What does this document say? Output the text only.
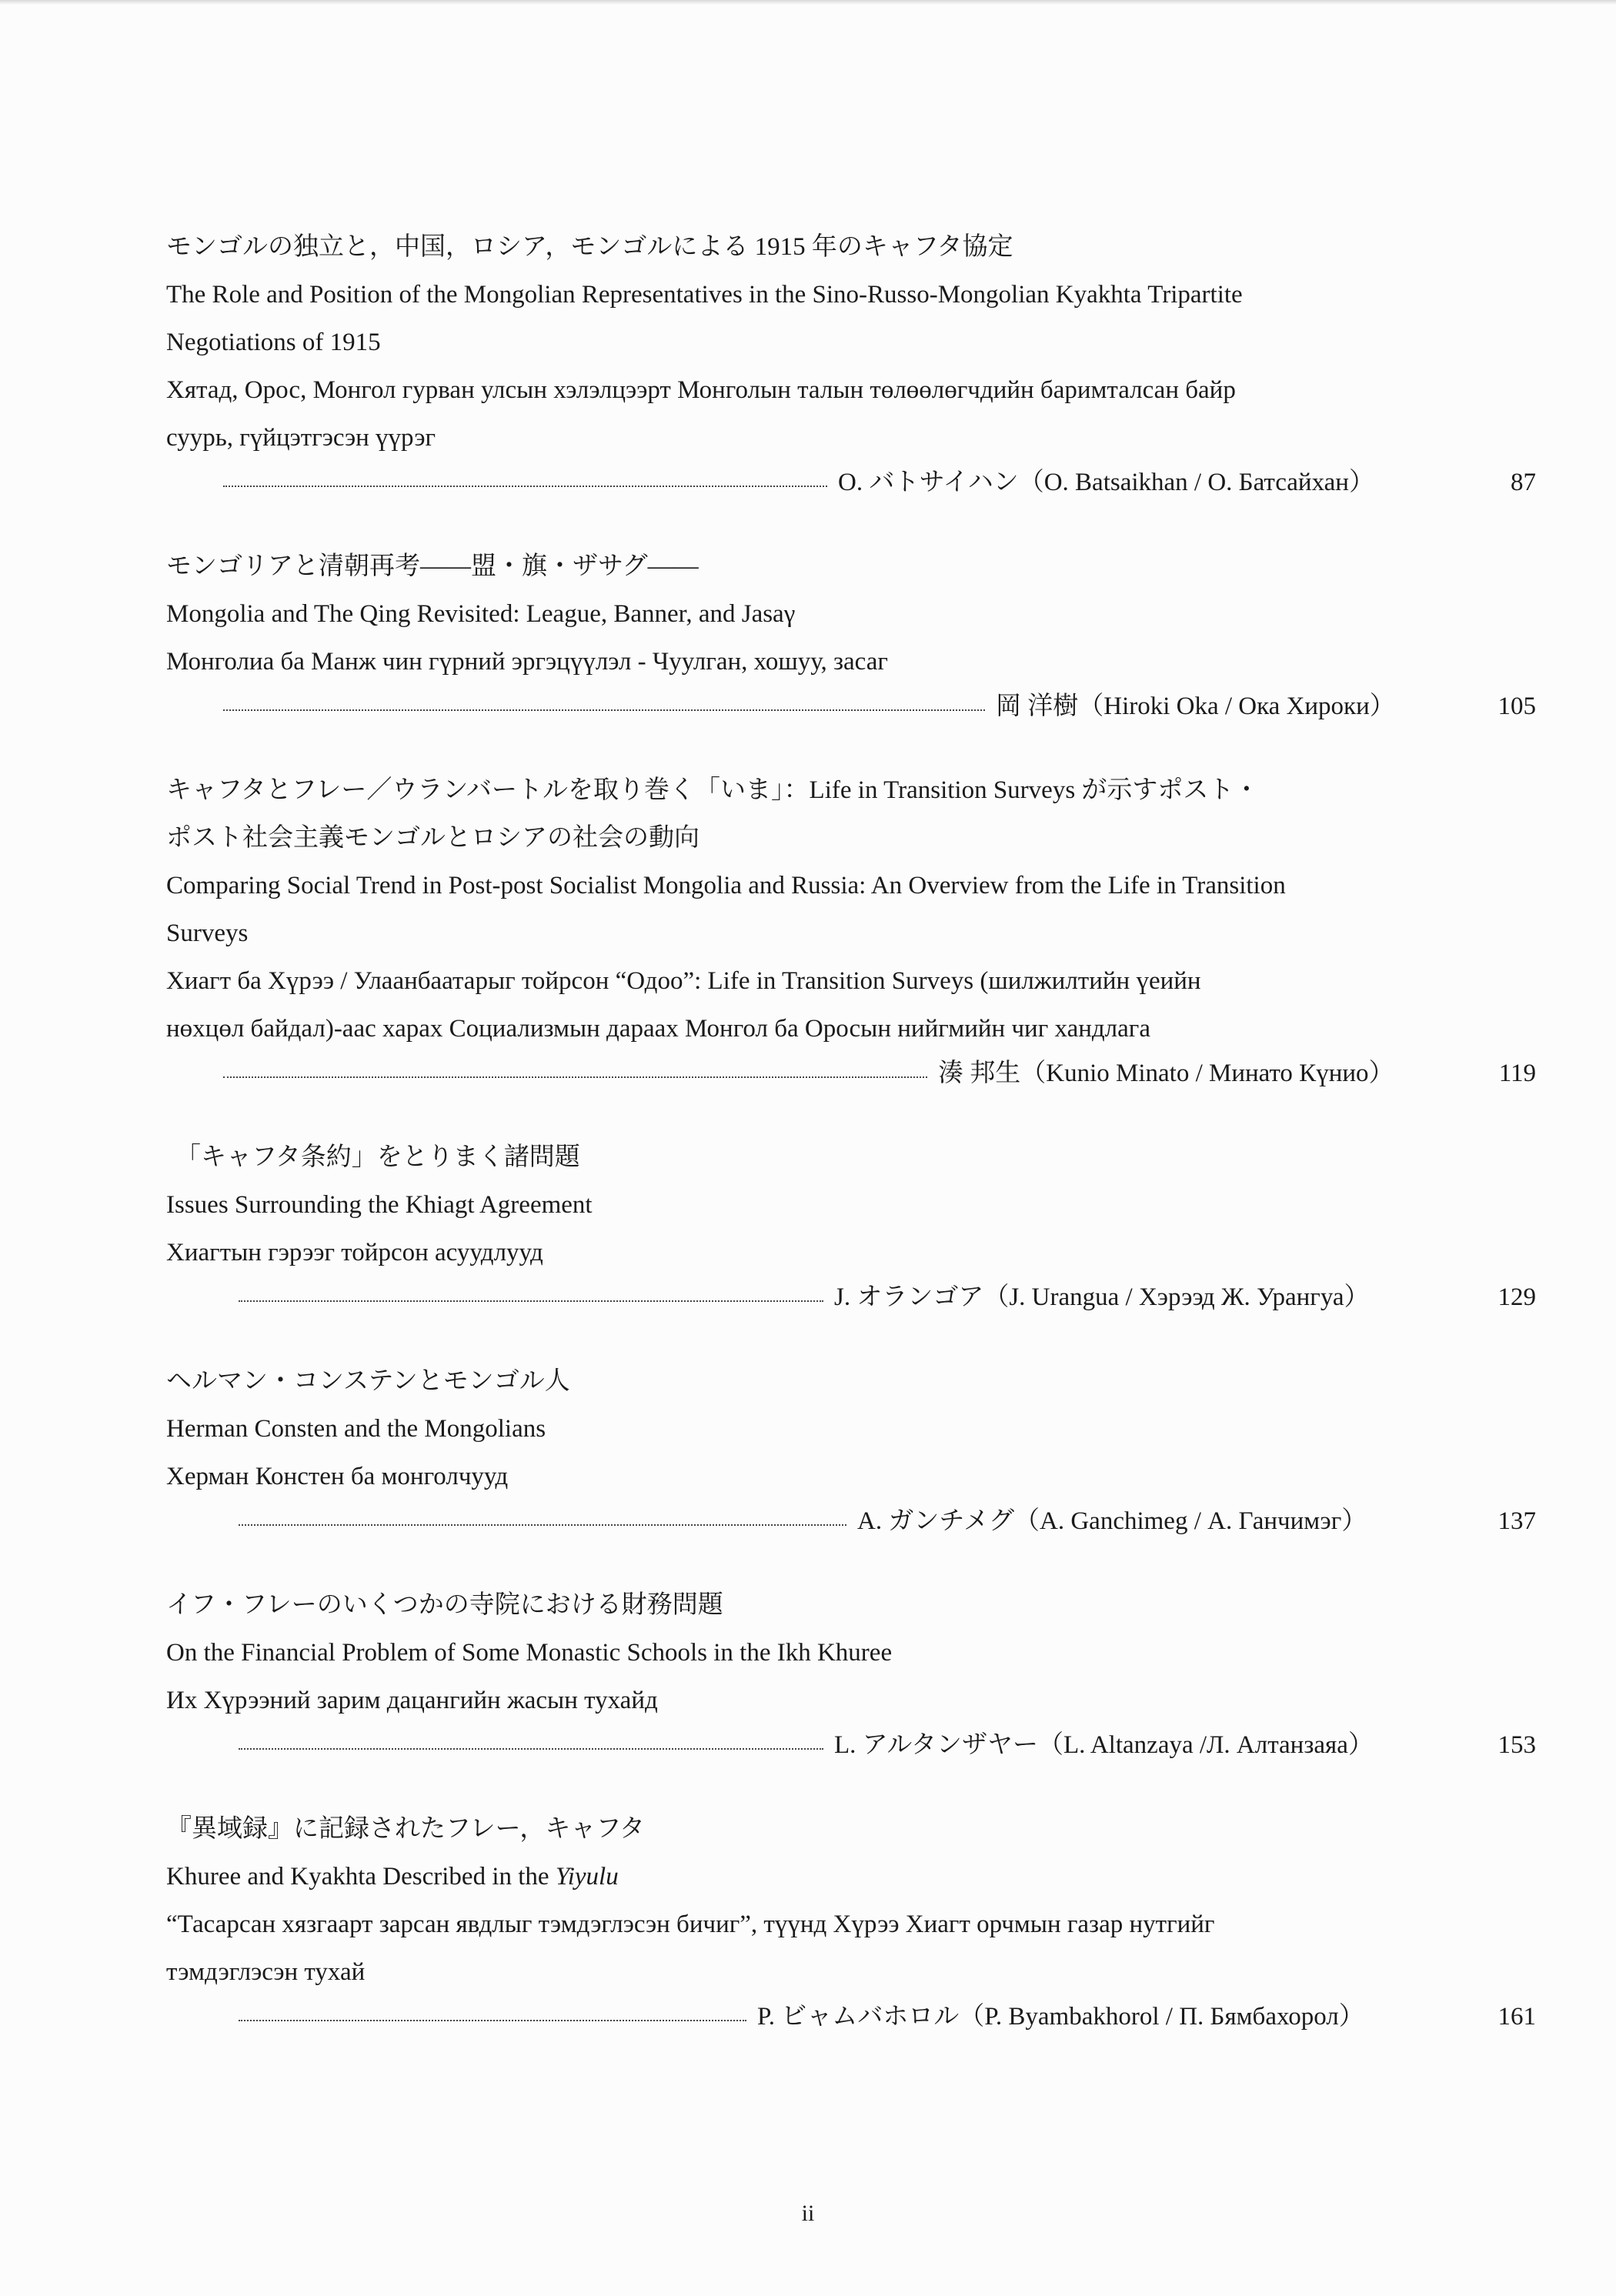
モンゴルの独立と，中国，ロシア，モンゴルによる 1915 年のキャフタ協定
The Role and Position of the Mongolian Representatives in the Sino-Russo-Mongolian Kyakhta Tripartite
Negotiations of 1915
Хятад, Орос, Монгол гурван улсын хэлэлцээрт Монголын талын төлөөлөгчдийн баримталсан байр
суурь, гүйцэтгэсэн үүрэг
O. バトサイハン（O. Batsaikhan / О. Батсайхан）	87
モンゴリアと清朝再考――盟・旗・ザサグ――
Mongolia and The Qing Revisited: League, Banner, and Jasaγ
Монголиа ба Манж чин гүрний эргэцүүлэл - Чуулган, хошуу, засаг
岡 洋樹（Hiroki Oka / Ока Хироки）	105
キャフタとフレー／ウランバートルを取り巻く「いま」：Life in Transition Surveys が示すポスト・
ポスト社会主義モンゴルとロシアの社会の動向
Comparing Social Trend in Post-post Socialist Mongolia and Russia: An Overview from the Life in Transition
Surveys
Хиагт ба Хүрээ / Улаанбаатарыг тойрсон “Одоо”: Life in Transition Surveys (шилжилтийн үеийн
нөхцөл байдал)-аас харах Социализмын дараах Монгол ба Оросын нийгмийн чиг хандлага
湊 邦生（Kunio Minato / Минато Күнио）	119
「キャフタ条約」をとりまく諸問題
Issues Surrounding the Khiagt Agreement
Хиагтын гэрээг тойрсон асуудлууд
J. オランゴア（J. Urangua / Хэрээд Ж. Урангуа）	129
ヘルマン・コンステンとモンゴル人
Herman Consten and the Mongolians
Херман Констен ба монголчууд
A. ガンチメグ（A. Ganchimeg / А. Ганчимэг）	137
イフ・フレーのいくつかの寺院における財務問題
On the Financial Problem of Some Monastic Schools in the Ikh Khuree
Их Хүрээний зарим дацангийн жасын тухайд
L. アルタンザヤー（L. Altanzaya /Л. Алтанзаяа）	153
『異域録』に記録されたフレー，キャフタ
Khuree and Kyakhta Described in the Yiyulu
“Тасарсан хязгаарт зарсан явдлыг тэмдэглэсэн бичиг”, түүнд Хүрээ Хиагт орчмын газар нутгийг
тэмдэглэсэн тухай
P. ビャムバホロル（P. Byambakhorol / П. Бямбахорол）	161
ii
